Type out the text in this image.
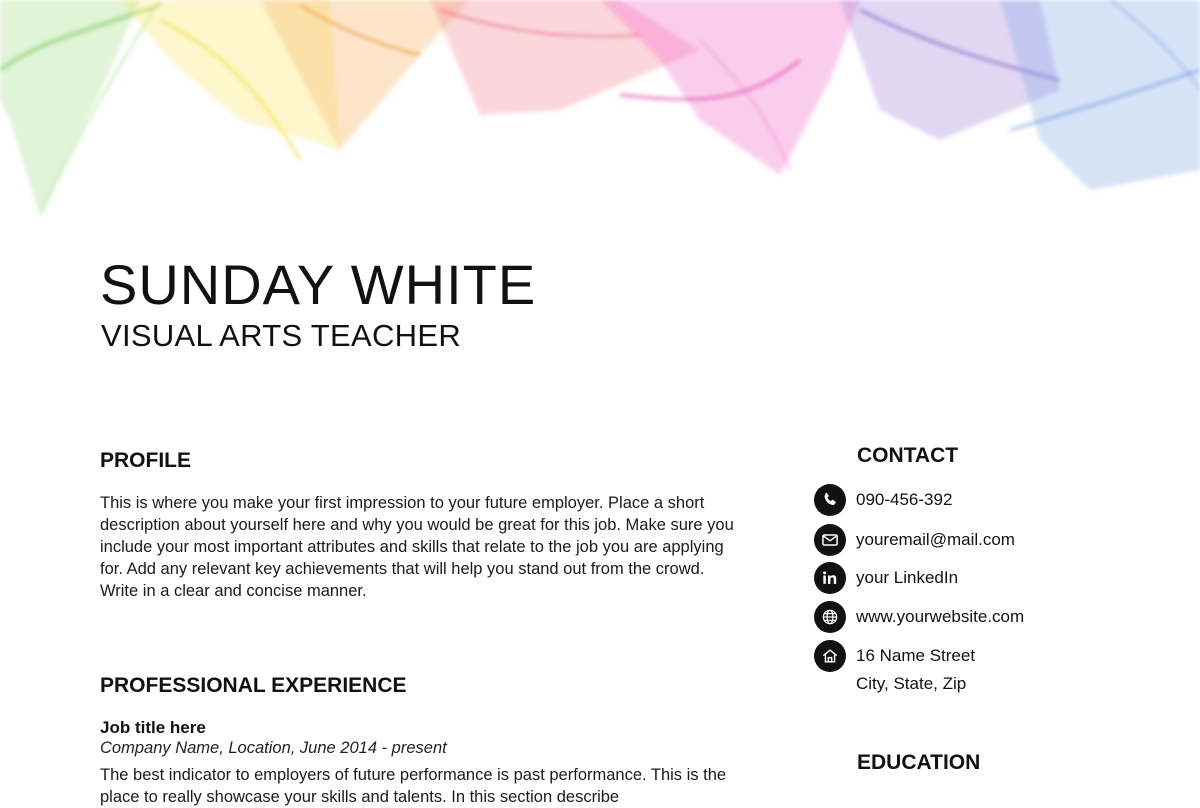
SUNDAY WHITE
VISUAL ARTS TEACHER
PROFILE

This is where you make your first impression to your future employer. Place a short description about yourself here and why you would be great for this job. Make sure you include your most important attributes and skills that relate to the job you are applying for. Add any relevant key achievements that will help you stand out from the crowd. Write in a clear and concise manner.

PROFESSIONAL EXPERIENCE

Job title here

Company Name, Location, June 2014 - present

The best indicator to employers of future performance is past performance. This is the place to really showcase your skills and talents. In this section describe

CONTACT
090-456-392
youremail@mail.com
your LinkedIn
www.yourwebsite.com
16 Name Street
City, State, Zip
EDUCATION
